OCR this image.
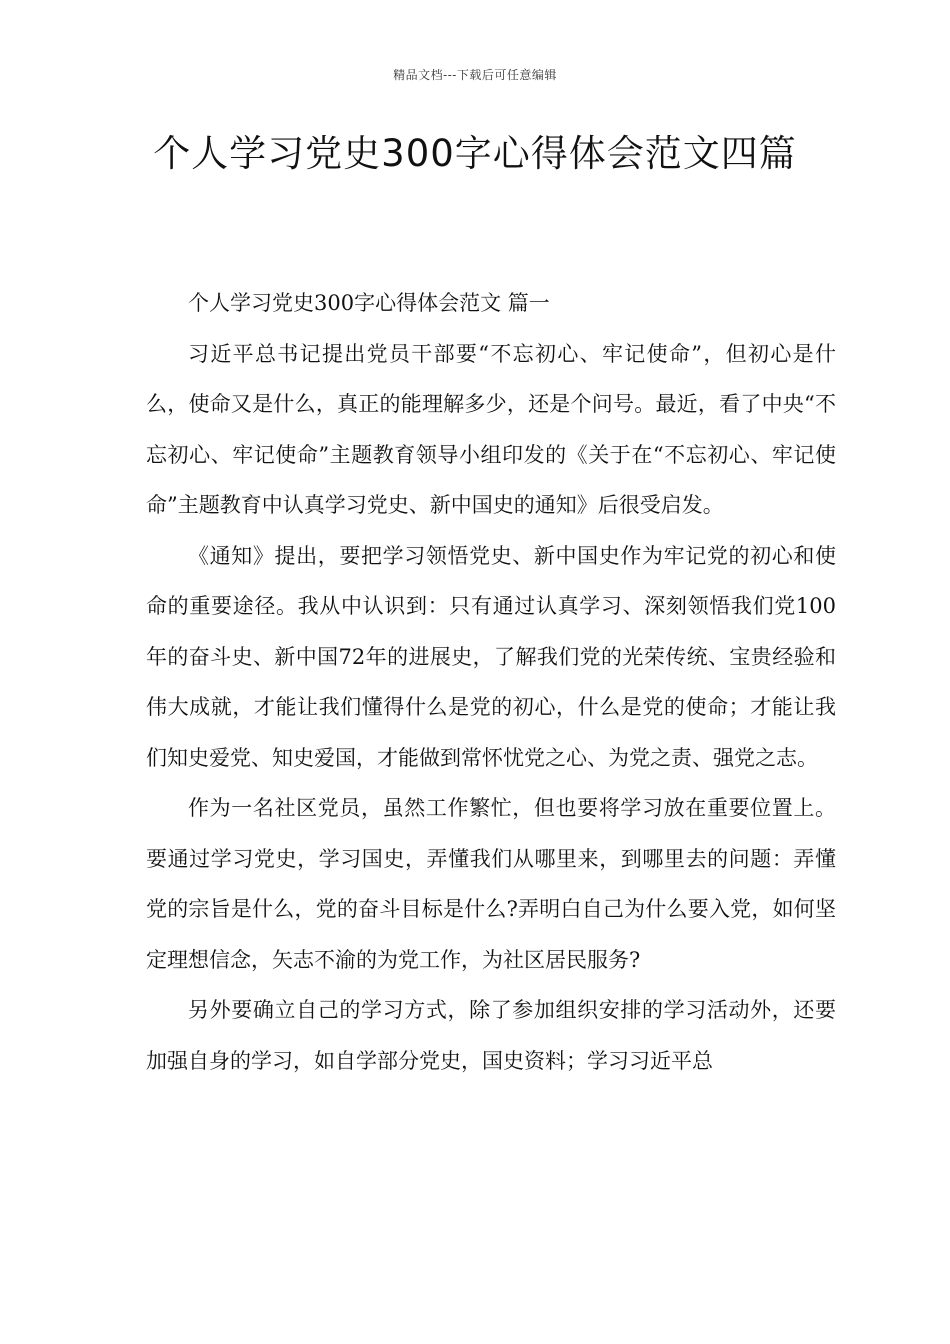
精品文档---下载后可任意编辑
个人学习党史300字心得体会范文四篇
个人学习党史300字心得体会范文 篇一

习近平总书记提出党员干部要“不忘初心、牢记使命”，但初心是什么，使命又是什么，真正的能理解多少，还是个问号。最近，看了中央“不忘初心、牢记使命”主题教育领导小组印发的《关于在“不忘初心、牢记使命”主题教育中认真学习党史、新中国史的通知》后很受启发。

《通知》提出，要把学习领悟党史、新中国史作为牢记党的初心和使命的重要途径。我从中认识到：只有通过认真学习、深刻领悟我们党100年的奋斗史、新中国72年的进展史，了解我们党的光荣传统、宝贵经验和伟大成就，才能让我们懂得什么是党的初心，什么是党的使命；才能让我们知史爱党、知史爱国，才能做到常怀忧党之心、为党之责、强党之志。

作为一名社区党员，虽然工作繁忙，但也要将学习放在重要位置上。要通过学习党史，学习国史，弄懂我们从哪里来，到哪里去的问题：弄懂党的宗旨是什么，党的奋斗目标是什么?弄明白自己为什么要入党，如何坚定理想信念，矢志不渝的为党工作，为社区居民服务?

另外要确立自己的学习方式，除了参加组织安排的学习活动外，还要加强自身的学习，如自学部分党史，国史资料；学习习近平总
